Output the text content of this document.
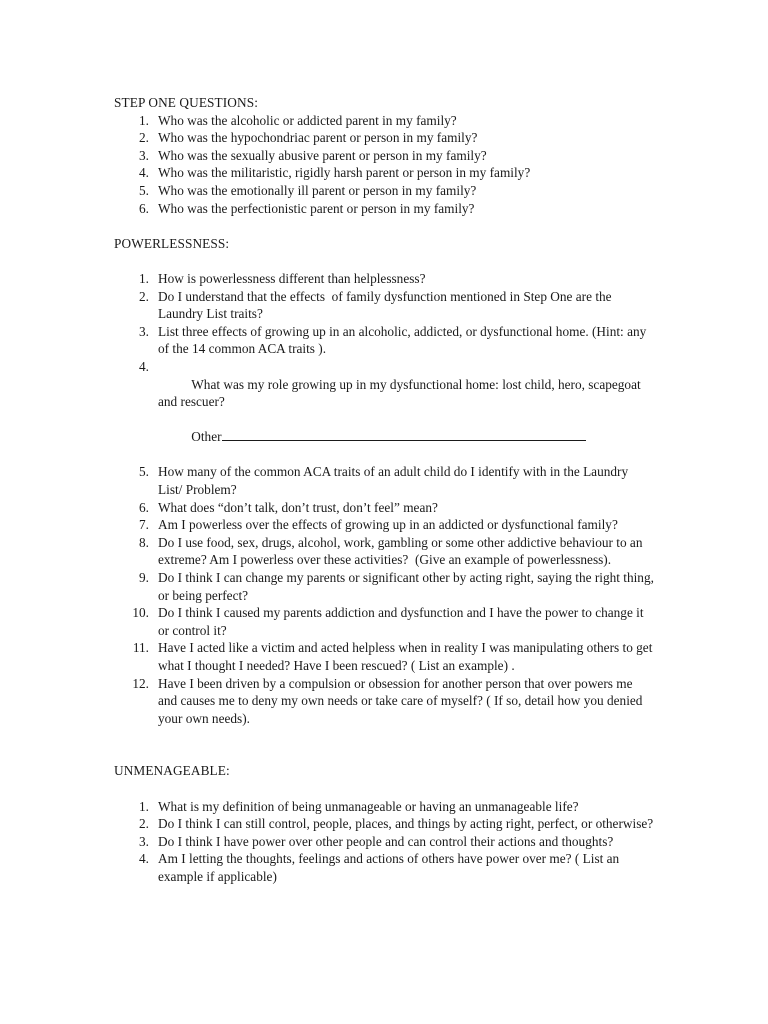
STEP ONE QUESTIONS:

1. Who was the alcoholic or addicted parent in my family?
2. Who was the hypochondriac parent or person in my family?
3. Who was the sexually abusive parent or person in my family?
4. Who was the militaristic, rigidly harsh parent or person in my family?
5. Who was the emotionally ill parent or person in my family?
6. Who was the perfectionistic parent or person in my family?

POWERLESSNESS:

1. How is powerlessness different than helplessness?
2. Do I understand that the effects  of family dysfunction mentioned in Step One are the Laundry List traits?
3. List three effects of growing up in an alcoholic, addicted, or dysfunctional home. (Hint: any of the 14 common ACA traits ).
4.

What was my role growing up in my dysfunctional home: lost child, hero, scapegoat and rescuer?

Other

5. How many of the common ACA traits of an adult child do I identify with in the Laundry List/ Problem?
6. What does “don’t talk, don’t trust, don’t feel” mean?
7. Am I powerless over the effects of growing up in an addicted or dysfunctional family?
8. Do I use food, sex, drugs, alcohol, work, gambling or some other addictive behaviour to an extreme? Am I powerless over these activities?  (Give an example of powerlessness).
9. Do I think I can change my parents or significant other by acting right, saying the right thing, or being perfect?
10. Do I think I caused my parents addiction and dysfunction and I have the power to change it or control it?
11. Have I acted like a victim and acted helpless when in reality I was manipulating others to get what I thought I needed? Have I been rescued? ( List an example) .
12. Have I been driven by a compulsion or obsession for another person that over powers me and causes me to deny my own needs or take care of myself? ( If so, detail how you denied your own needs).

UNMENAGEABLE:

1. What is my definition of being unmanageable or having an unmanageable life?
2. Do I think I can still control, people, places, and things by acting right, perfect, or otherwise?
3. Do I think I have power over other people and can control their actions and thoughts?
4. Am I letting the thoughts, feelings and actions of others have power over me? ( List an example if applicable)
